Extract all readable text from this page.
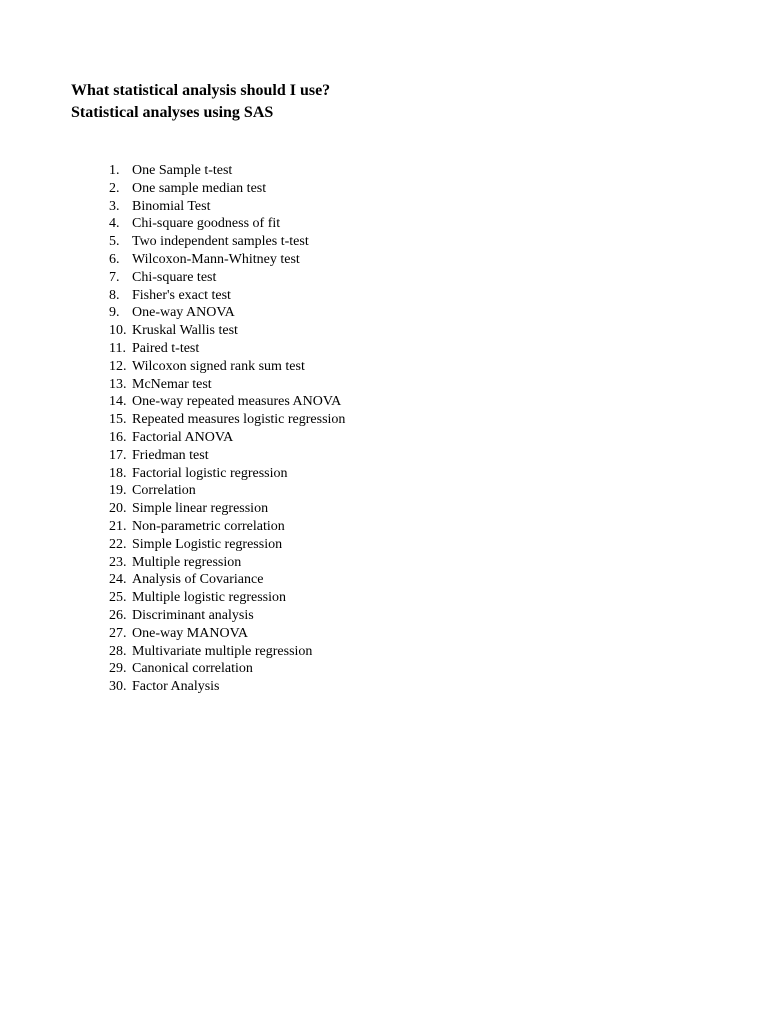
What statistical analysis should I use?
Statistical analyses using SAS
1. One Sample t-test
2. One sample median test
3. Binomial Test
4. Chi-square goodness of fit
5. Two independent samples t-test
6. Wilcoxon-Mann-Whitney test
7. Chi-square test
8. Fisher's exact test
9. One-way ANOVA
10. Kruskal Wallis test
11. Paired t-test
12. Wilcoxon signed rank sum test
13. McNemar test
14. One-way repeated measures ANOVA
15. Repeated measures logistic regression
16. Factorial ANOVA
17. Friedman test
18. Factorial logistic regression
19. Correlation
20. Simple linear regression
21. Non-parametric correlation
22. Simple Logistic regression
23. Multiple regression
24. Analysis of Covariance
25. Multiple logistic regression
26. Discriminant analysis
27. One-way MANOVA
28. Multivariate multiple regression
29. Canonical correlation
30. Factor Analysis
